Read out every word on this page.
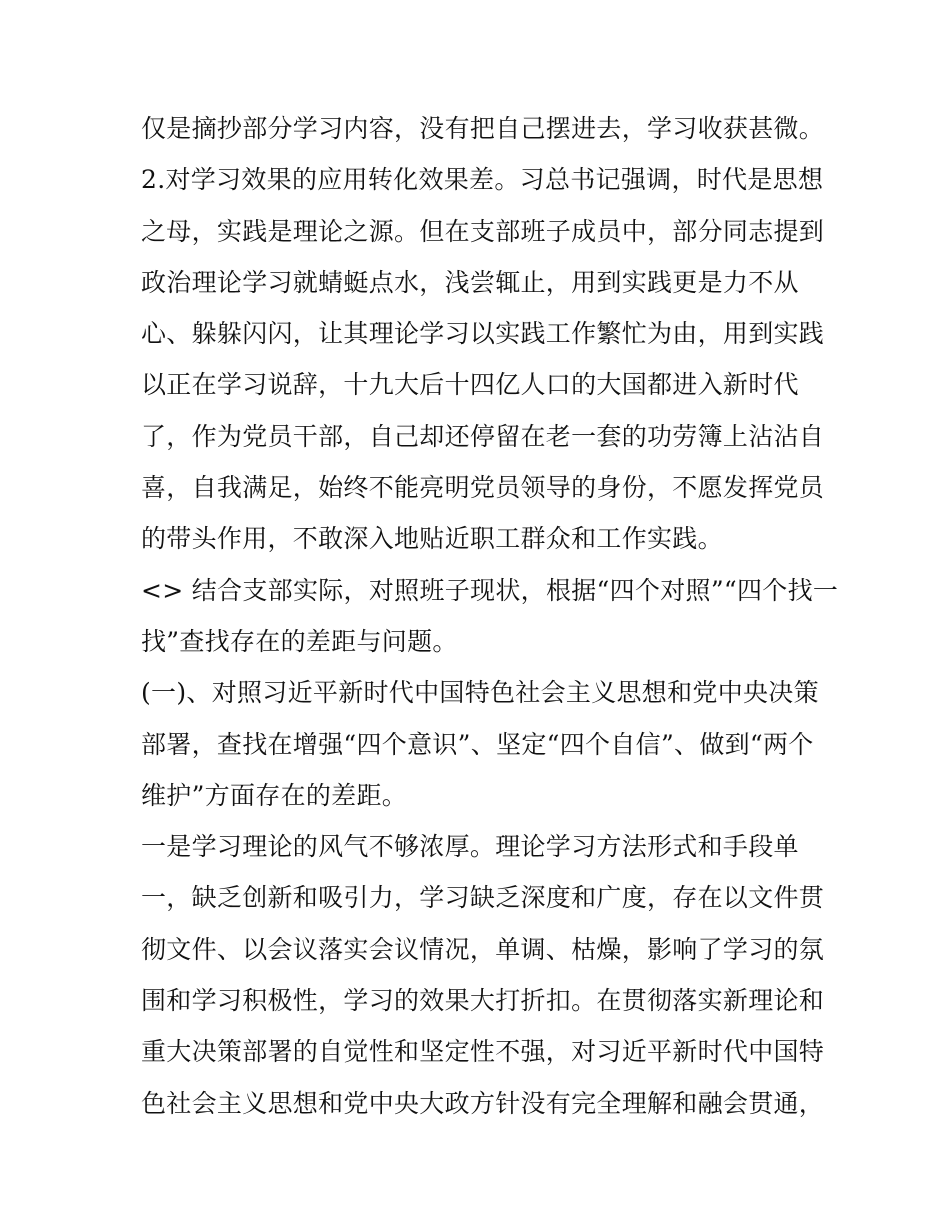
仅是摘抄部分学习内容，没有把自己摆进去，学习收获甚微。
2.对学习效果的应用转化效果差。习总书记强调，时代是思想
之母，实践是理论之源。但在支部班子成员中，部分同志提到
政治理论学习就蜻蜓点水，浅尝辄止，用到实践更是力不从
心、躲躲闪闪，让其理论学习以实践工作繁忙为由，用到实践
以正在学习说辞，十九大后十四亿人口的大国都进入新时代
了，作为党员干部，自己却还停留在老一套的功劳簿上沾沾自
喜，自我满足，始终不能亮明党员领导的身份，不愿发挥党员
的带头作用，不敢深入地贴近职工群众和工作实践。
<> 结合支部实际，对照班子现状，根据“四个对照”“四个找一
找”查找存在的差距与问题。
(一)、对照习近平新时代中国特色社会主义思想和党中央决策
部署，查找在增强“四个意识”、坚定“四个自信”、做到“两个
维护”方面存在的差距。
一是学习理论的风气不够浓厚。理论学习方法形式和手段单
一，缺乏创新和吸引力，学习缺乏深度和广度，存在以文件贯
彻文件、以会议落实会议情况，单调、枯燥，影响了学习的氛
围和学习积极性，学习的效果大打折扣。在贯彻落实新理论和
重大决策部署的自觉性和坚定性不强，对习近平新时代中国特
色社会主义思想和党中央大政方针没有完全理解和融会贯通，
